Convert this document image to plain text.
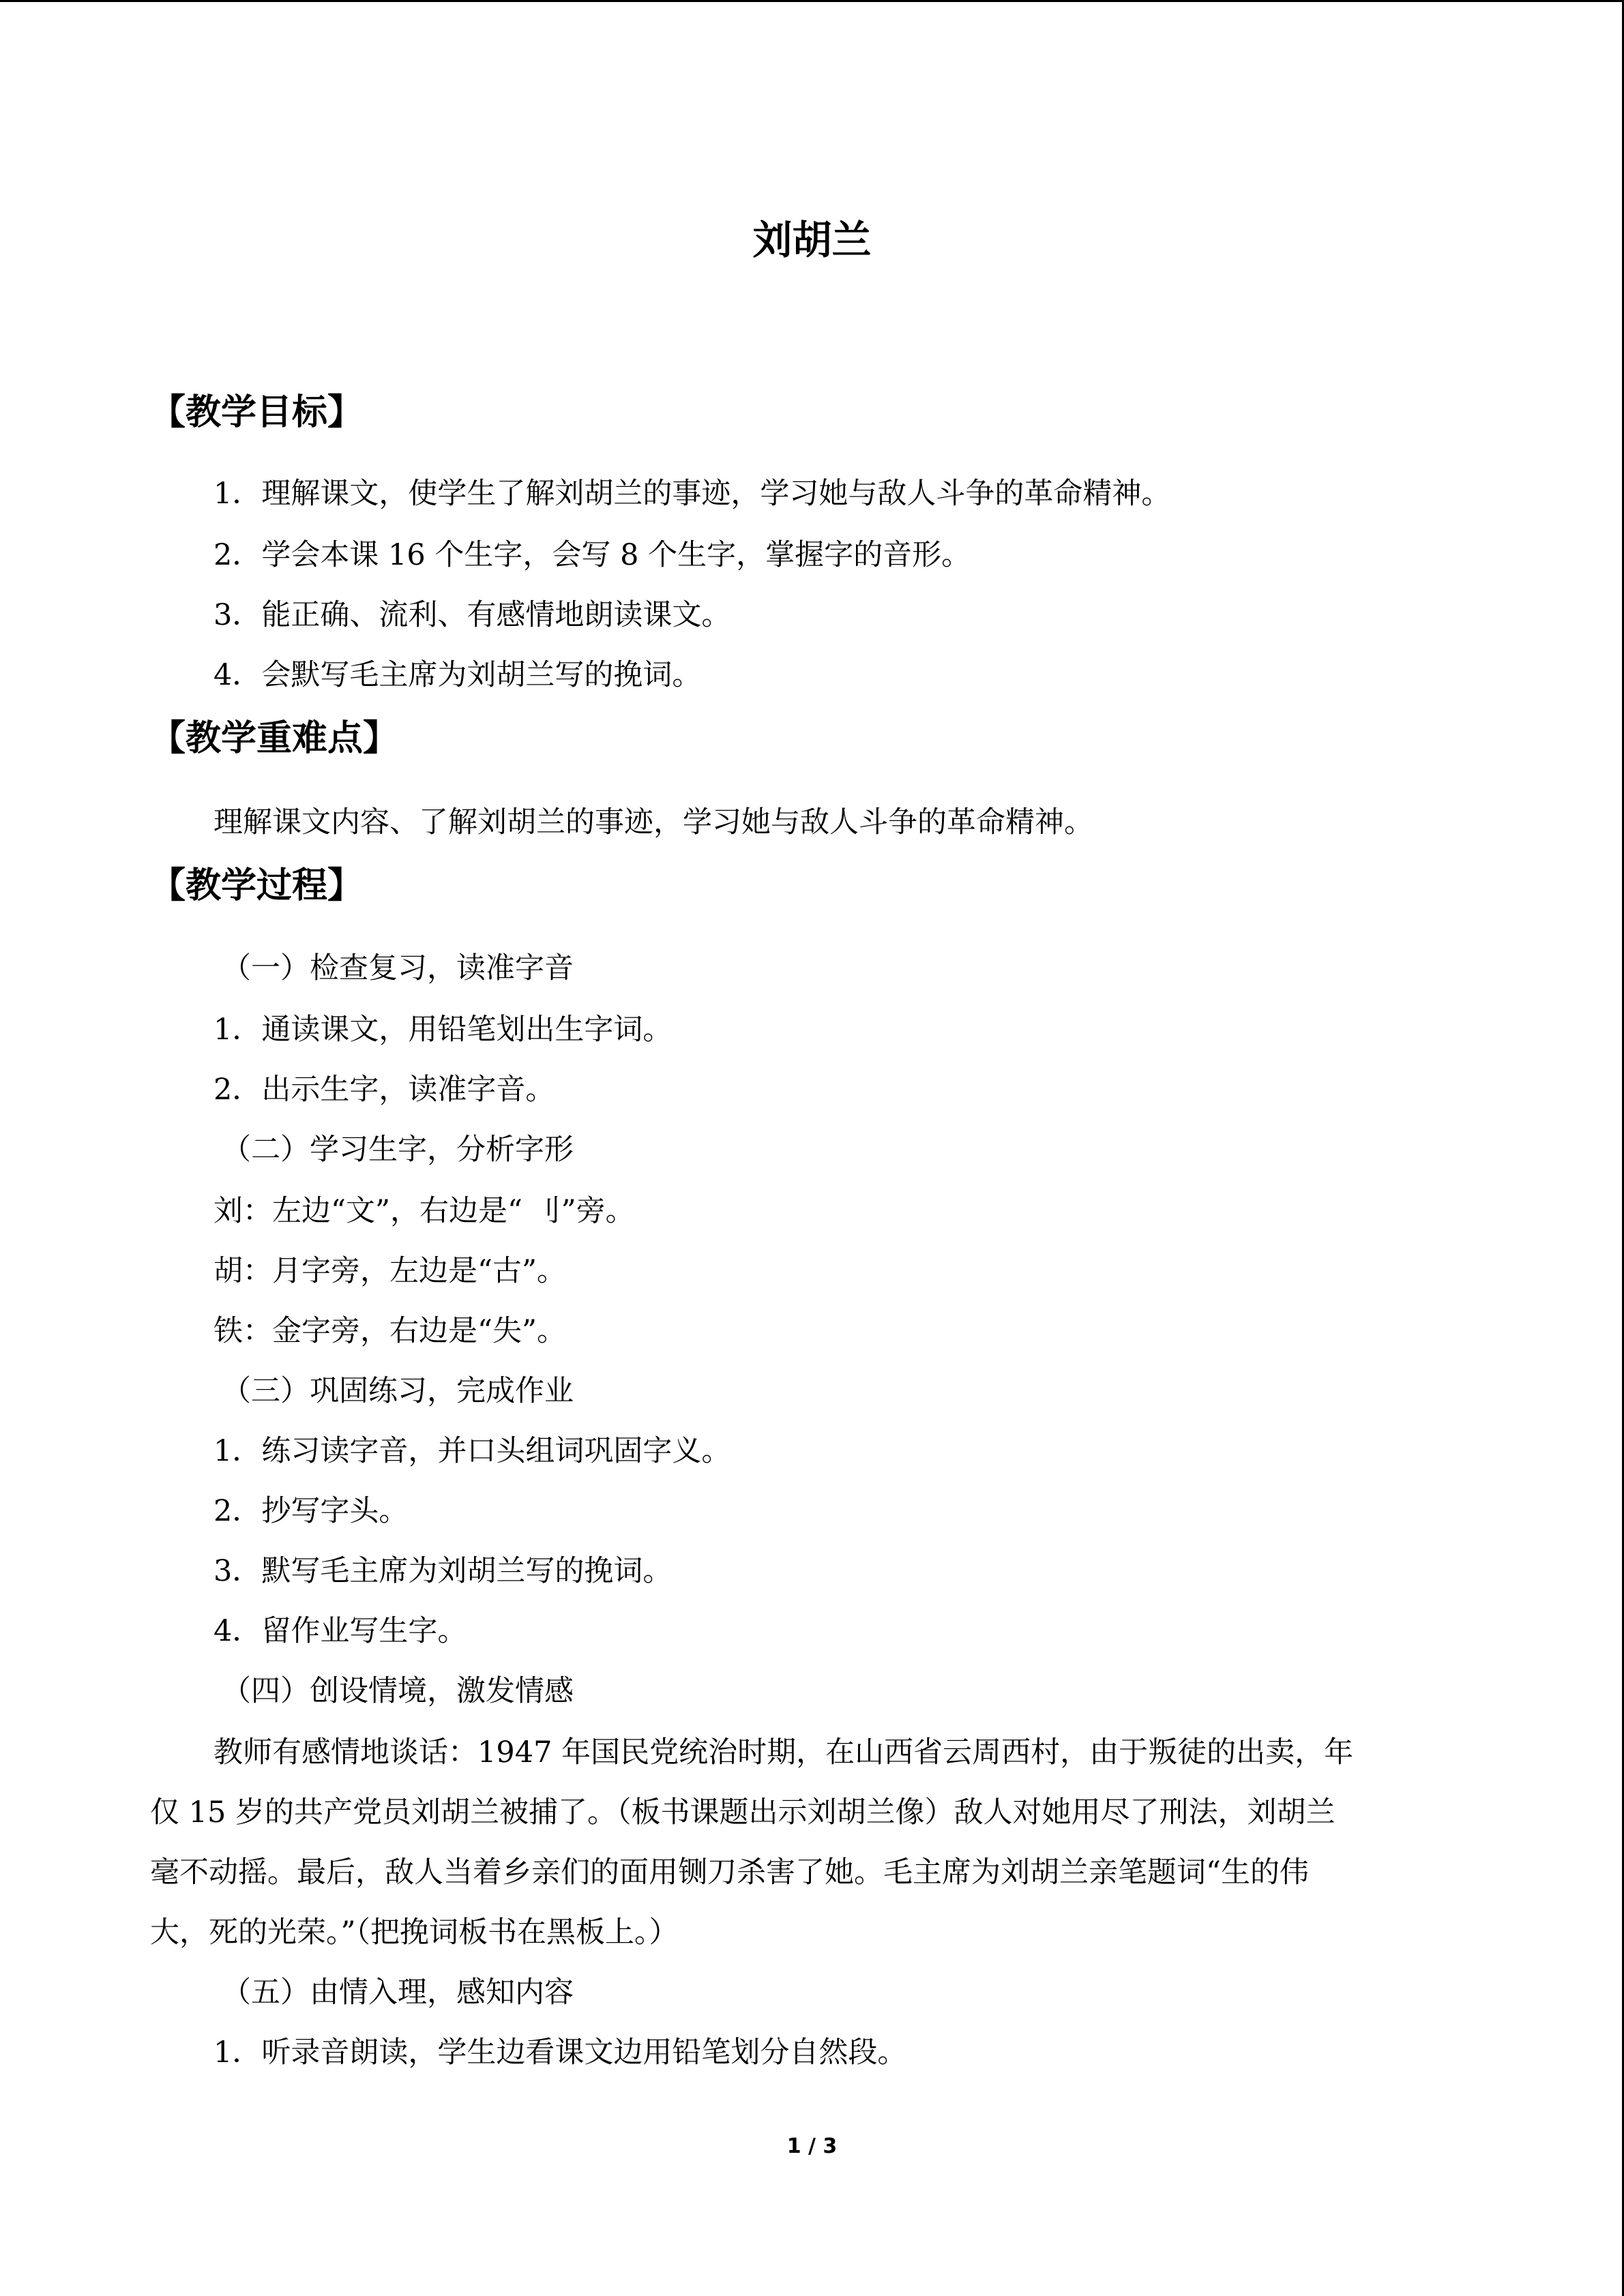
刘胡兰
【教学目标】
1．理解课文，使学生了解刘胡兰的事迹，学习她与敌人斗争的革命精神。
2．学会本课 16 个生字，会写 8 个生字，掌握字的音形。
3．能正确、流利、有感情地朗读课文。
4．会默写毛主席为刘胡兰写的挽词。
【教学重难点】
理解课文内容、了解刘胡兰的事迹，学习她与敌人斗争的革命精神。
【教学过程】
（一）检查复习，读准字音
1．通读课文，用铅笔划出生字词。
2．出示生字，读准字音。
（二）学习生字，分析字形
刘：左边“文”，右边是“ 刂”旁。
胡：月字旁，左边是“古”。
铁：金字旁，右边是“失”。
（三）巩固练习，完成作业
1．练习读字音，并口头组词巩固字义。
2．抄写字头。
3．默写毛主席为刘胡兰写的挽词。
4．留作业写生字。
（四）创设情境，激发情感
教师有感情地谈话：1947 年国民党统治时期，在山西省云周西村，由于叛徒的出卖，年
仅 15 岁的共产党员刘胡兰被捕了。（板书课题出示刘胡兰像）敌人对她用尽了刑法，刘胡兰
毫不动摇。最后，敌人当着乡亲们的面用铡刀杀害了她。毛主席为刘胡兰亲笔题词“生的伟
大，死的光荣。”（把挽词板书在黑板上。）
（五）由情入理，感知内容
1．听录音朗读，学生边看课文边用铅笔划分自然段。
1 / 3
